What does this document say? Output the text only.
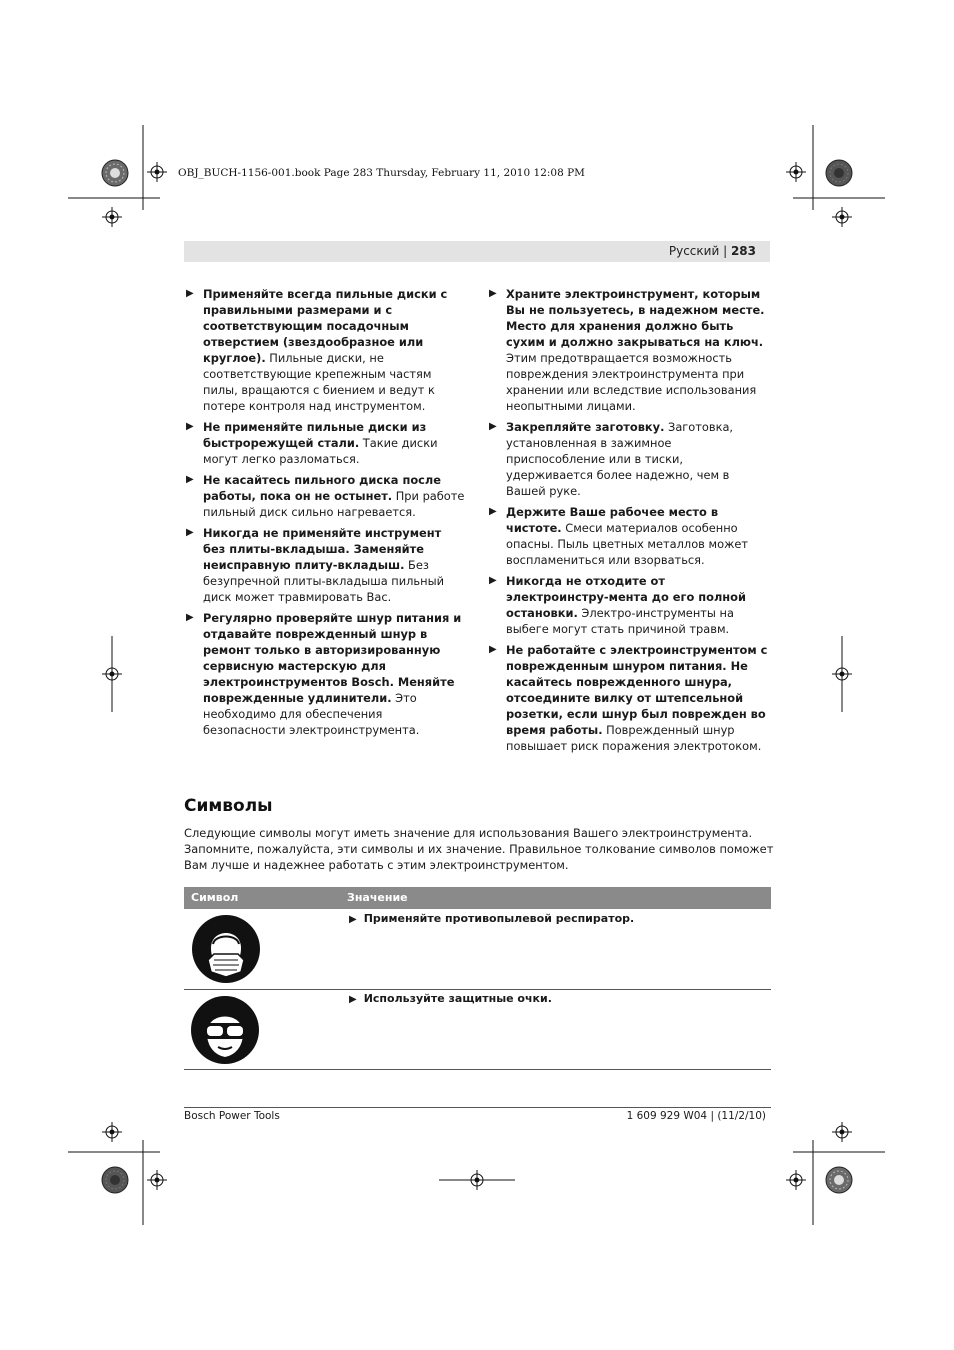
OBJ_BUCH-1156-001.book Page 283 Thursday, February 11, 2010 12:08 PM
Русский | 283
▶ Применяйте всегда пильные диски с правильными размерами и с соответствующим посадочным отверстием (звездообразное или круглое). Пильные диски, не соответствующие крепежным частям пилы, вращаются с биением и ведут к потере контроля над инструментом.
▶ Не применяйте пильные диски из быстрорежущей стали. Такие диски могут легко разломаться.
▶ Не касайтесь пильного диска после работы, пока он не остынет. При работе пильный диск сильно нагревается.
▶ Никогда не применяйте инструмент без плиты-вкладыша. Заменяйте неисправную плиту-вкладыш. Без безупречной плиты-вкладыша пильный диск может травмировать Вас.
▶ Регулярно проверяйте шнур питания и отдавайте поврежденный шнур в ремонт только в авторизированную сервисную мастерскую для электроинструментов Bosch. Меняйте поврежденные удлинители. Это необходимо для обеспечения безопасности электроинструмента.
▶ Храните электроинструмент, которым Вы не пользуетесь, в надежном месте. Место для хранения должно быть сухим и должно закрываться на ключ. Этим предотвращается возможность повреждения электроинструмента при хранении или вследствие использования неопытными лицами.
▶ Закрепляйте заготовку. Заготовка, установленная в зажимное приспособление или в тиски, удерживается более надежно, чем в Вашей руке.
▶ Держите Ваше рабочее место в чистоте. Смеси материалов особенно опасны. Пыль цветных металлов может воспламениться или взорваться.
▶ Никогда не отходите от электроинстру-мента до его полной остановки. Электро-инструменты на выбеге могут стать причиной травм.
▶ Не работайте с электроинструментом с поврежденным шнуром питания. Не касайтесь поврежденного шнура, отсоедините вилку от штепсельной розетки, если шнур был поврежден во время работы. Поврежденный шнур повышает риск поражения электротоком.
Символы
Следующие символы могут иметь значение для использования Вашего электроинструмента. Запомните, пожалуйста, эти символы и их значение. Правильное толкование символов поможет Вам лучше и надежнее работать с этим электроинструментом.
Символ	Значение
▶ Применяйте противопылевой респиратор.
▶ Используйте защитные очки.
Bosch Power Tools	1 609 929 W04 | (11/2/10)
